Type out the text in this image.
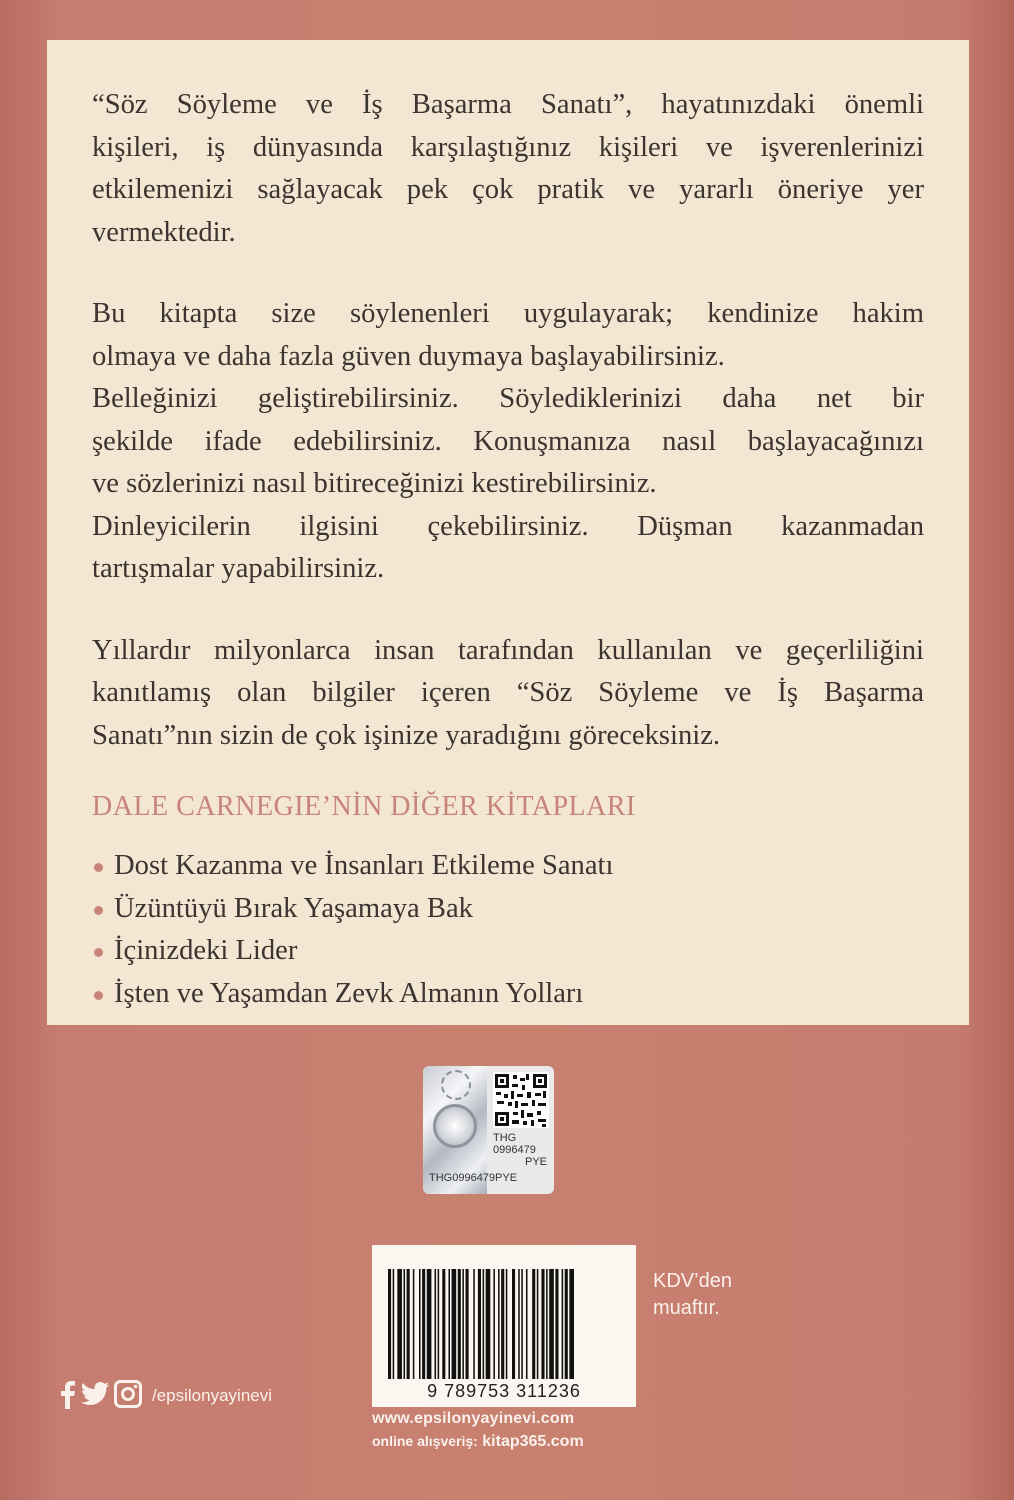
“Söz Söyleme ve İş Başarma Sanatı”, hayatınızdaki önemli
kişileri, iş dünyasında karşılaştığınız kişileri ve işverenlerinizi
etkilemenizi sağlayacak pek çok pratik ve yararlı öneriye yer
vermektedir.

Bu kitapta size söylenenleri uygulayarak; kendinize hakim
olmaya ve daha fazla güven duymaya başlayabilirsiniz.
Belleğinizi geliştirebilirsiniz. Söylediklerinizi daha net bir
şekilde ifade edebilirsiniz. Konuşmanıza nasıl başlayacağınızı
ve sözlerinizi nasıl bitireceğinizi kestirebilirsiniz.
Dinleyicilerin ilgisini çekebilirsiniz. Düşman kazanmadan
tartışmalar yapabilirsiniz.

Yıllardır milyonlarca insan tarafından kullanılan ve geçerliliğini
kanıtlamış olan bilgiler içeren “Söz Söyleme ve İş Başarma
Sanatı”nın sizin de çok işinize yaradığını göreceksiniz.

DALE CARNEGIE’NİN DİĞER KİTAPLARI
Dost Kazanma ve İnsanları Etkileme Sanatı
Üzüntüyü Bırak Yaşamaya Bak
İçinizdeki Lider
İşten ve Yaşamdan Zevk Almanın Yolları
THG
0996479
PYE
THG0996479PYE
9 789753 311236
KDV’den
muaftır.
/epsilonyayinevi
www.epsilonyayinevi.com
online alışveriş: kitap365.com
